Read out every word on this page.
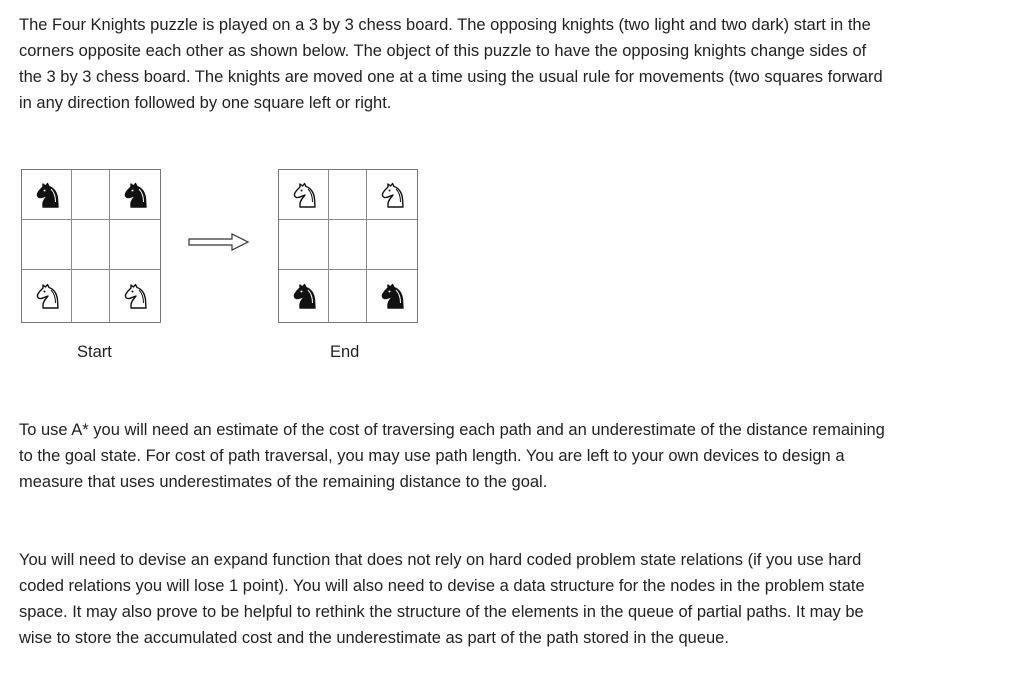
The Four Knights puzzle is played on a 3 by 3 chess board. The opposing knights (two light and two dark) start in the
corners opposite each other as shown below. The object of this puzzle to have the opposing knights change sides of
the 3 by 3 chess board. The knights are moved one at a time using the usual rule for movements (two squares forward
in any direction followed by one square left or right.

Start	End

To use A* you will need an estimate of the cost of traversing each path and an underestimate of the distance remaining
to the goal state. For cost of path traversal, you may use path length. You are left to your own devices to design a
measure that uses underestimates of the remaining distance to the goal.

You will need to devise an expand function that does not rely on hard coded problem state relations (if you use hard
coded relations you will lose 1 point). You will also need to devise a data structure for the nodes in the problem state
space. It may also prove to be helpful to rethink the structure of the elements in the queue of partial paths. It may be
wise to store the accumulated cost and the underestimate as part of the path stored in the queue.
